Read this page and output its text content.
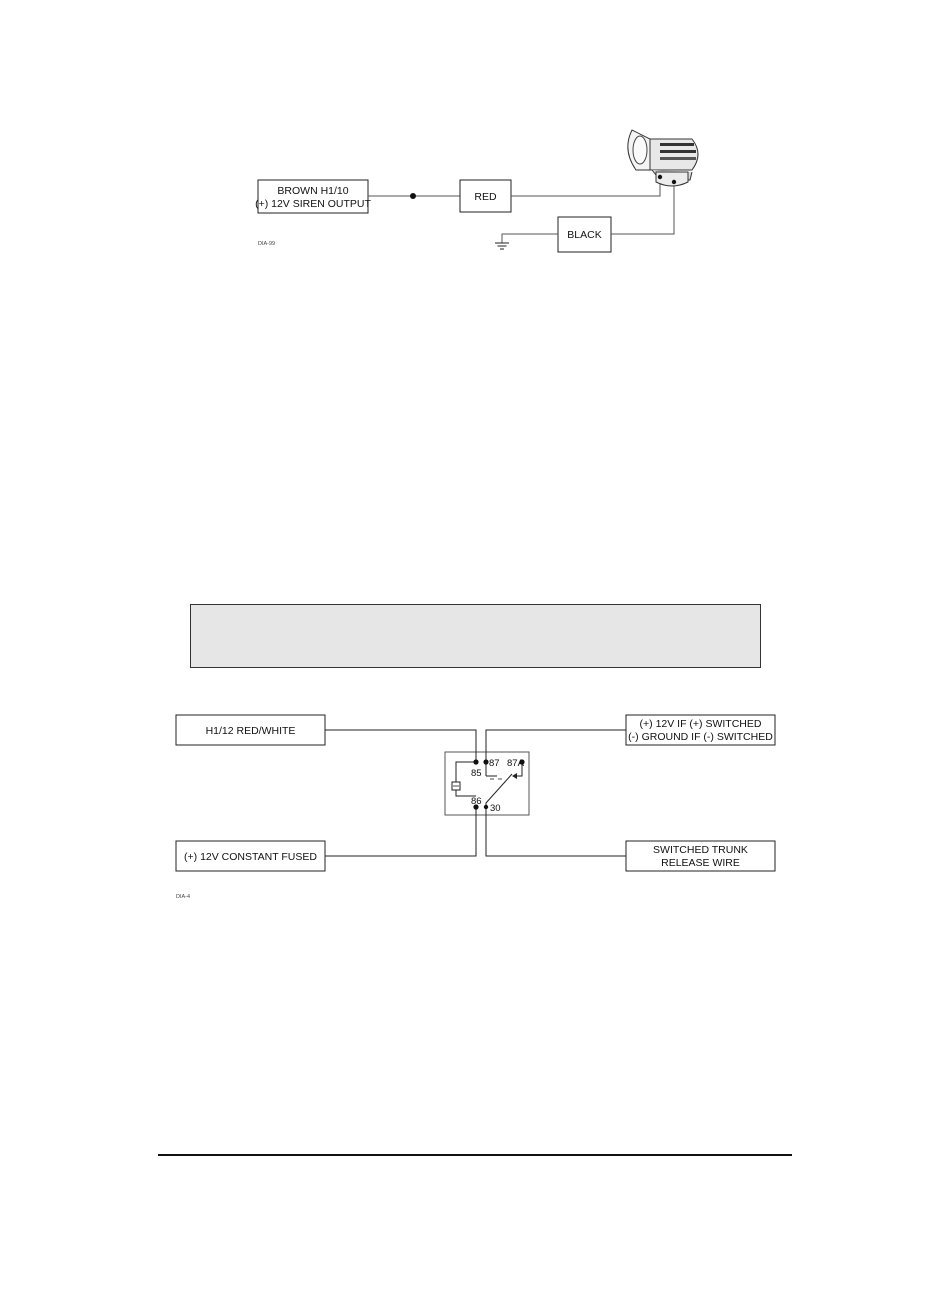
BROWN H1/10
(+) 12V SIREN OUTPUT
RED
BLACK
DIA-99
H1/12 RED/WHITE
(+) 12V IF (+) SWITCHED
(-) GROUND IF (-) SWITCHED
(+) 12V CONSTANT FUSED
SWITCHED TRUNK
RELEASE WIRE
87 87A
85
86
30
DIA-4
